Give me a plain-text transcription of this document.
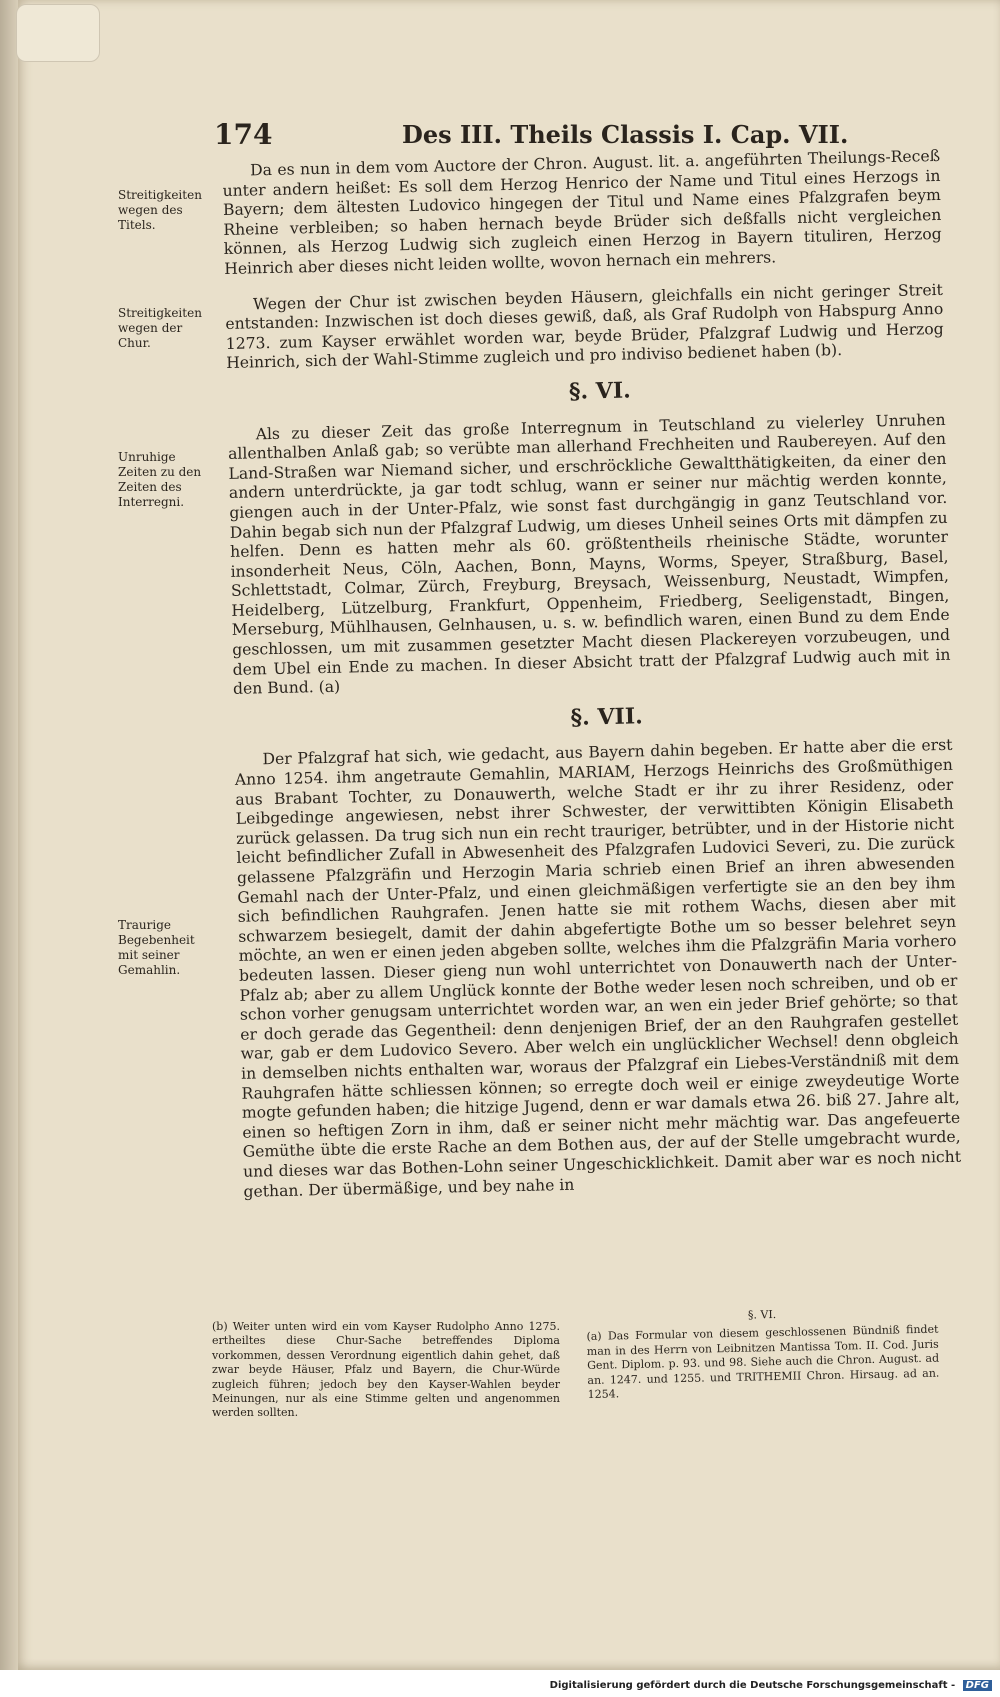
174	Des III. Theils Classis I. Cap. VII.
Streitigkeiten wegen des Titels.
Streitigkeiten wegen der Chur.
Unruhige Zeiten zu den Zeiten des Interregni.
Traurige Begebenheit mit seiner Gemahlin.

Da es nun in dem vom Auctore der Chron. August. lit. a. angeführten Theilungs-Receß unter andern heißet: Es soll dem Herzog Henrico der Name und Titul eines Herzogs in Bayern; dem ältesten Ludovico hingegen der Titul und Name eines Pfalzgrafen beym Rheine verbleiben; so haben hernach beyde Brüder sich deßfalls nicht vergleichen können, als Herzog Ludwig sich zugleich einen Herzog in Bayern tituliren, Herzog Heinrich aber dieses nicht leiden wollte, wovon hernach ein mehrers.

Wegen der Chur ist zwischen beyden Häusern, gleichfalls ein nicht geringer Streit entstanden: Inzwischen ist doch dieses gewiß, daß, als Graf Rudolph von Habspurg Anno 1273. zum Kayser erwählet worden war, beyde Brüder, Pfalzgraf Ludwig und Herzog Heinrich, sich der Wahl-Stimme zugleich und pro indiviso bedienet haben (b).

§. VI.

Als zu dieser Zeit das große Interregnum in Teutschland zu vielerley Unruhen allenthalben Anlaß gab; so verübte man allerhand Frechheiten und Raubereyen. Auf den Land-Straßen war Niemand sicher, und erschröckliche Gewaltthätigkeiten, da einer den andern unterdrückte, ja gar todt schlug, wann er seiner nur mächtig werden konnte, giengen auch in der Unter-Pfalz, wie sonst fast durchgängig in ganz Teutschland vor. Dahin begab sich nun der Pfalzgraf Ludwig, um dieses Unheil seines Orts mit dämpfen zu helfen. Denn es hatten mehr als 60. größtentheils rheinische Städte, worunter insonderheit Neus, Cöln, Aachen, Bonn, Mayns, Worms, Speyer, Straßburg, Basel, Schlettstadt, Colmar, Zürch, Freyburg, Breysach, Weissenburg, Neustadt, Wimpfen, Heidelberg, Lützelburg, Frankfurt, Oppenheim, Friedberg, Seeligenstadt, Bingen, Merseburg, Mühlhausen, Gelnhausen, u. s. w. befindlich waren, einen Bund zu dem Ende geschlossen, um mit zusammen gesetzter Macht diesen Plackereyen vorzubeugen, und dem Ubel ein Ende zu machen. In dieser Absicht tratt der Pfalzgraf Ludwig auch mit in den Bund. (a)

§. VII.

Der Pfalzgraf hat sich, wie gedacht, aus Bayern dahin begeben. Er hatte aber die erst Anno 1254. ihm angetraute Gemahlin, MARIAM, Herzogs Heinrichs des Großmüthigen aus Brabant Tochter, zu Donauwerth, welche Stadt er ihr zu ihrer Residenz, oder Leibgedinge angewiesen, nebst ihrer Schwester, der verwittibten Königin Elisabeth zurück gelassen. Da trug sich nun ein recht trauriger, betrübter, und in der Historie nicht leicht befindlicher Zufall in Abwesenheit des Pfalzgrafen Ludovici Severi, zu. Die zurück gelassene Pfalzgräfin und Herzogin Maria schrieb einen Brief an ihren abwesenden Gemahl nach der Unter-Pfalz, und einen gleichmäßigen verfertigte sie an den bey ihm sich befindlichen Rauhgrafen. Jenen hatte sie mit rothem Wachs, diesen aber mit schwarzem besiegelt, damit der dahin abgefertigte Bothe um so besser belehret seyn möchte, an wen er einen jeden abgeben sollte, welches ihm die Pfalzgräfin Maria vorhero bedeuten lassen. Dieser gieng nun wohl unterrichtet von Donauwerth nach der Unter-Pfalz ab; aber zu allem Unglück konnte der Bothe weder lesen noch schreiben, und ob er schon vorher genugsam unterrichtet worden war, an wen ein jeder Brief gehörte; so that er doch gerade das Gegentheil: denn denjenigen Brief, der an den Rauhgrafen gestellet war, gab er dem Ludovico Severo. Aber welch ein unglücklicher Wechsel! denn obgleich in demselben nichts enthalten war, woraus der Pfalzgraf ein Liebes-Verständniß mit dem Rauhgrafen hätte schliessen können; so erregte doch weil er einige zweydeutige Worte mogte gefunden haben; die hitzige Jugend, denn er war damals etwa 26. biß 27. Jahre alt, einen so heftigen Zorn in ihm, daß er seiner nicht mehr mächtig war. Das angefeuerte Gemüthe übte die erste Rache an dem Bothen aus, der auf der Stelle umgebracht wurde, und dieses war das Bothen-Lohn seiner Ungeschicklichkeit. Damit aber war es noch nicht gethan. Der übermäßige, und bey nahe in

(b) Weiter unten wird ein vom Kayser Rudolpho Anno 1275. ertheiltes diese Chur-Sache betreffendes Diploma vorkommen, dessen Verordnung eigentlich dahin gehet, daß zwar beyde Häuser, Pfalz und Bayern, die Chur-Würde zugleich führen; jedoch bey den Kayser-Wahlen beyder Meinungen, nur als eine Stimme gelten und angenommen werden sollten.
§. VI.
(a) Das Formular von diesem geschlossenen Bündniß findet man in des Herrn von Leibnitzen Mantissa Tom. II. Cod. Juris Gent. Diplom. p. 93. und 98. Siehe auch die Chron. August. ad an. 1247. und 1255. und TRITHEMII Chron. Hirsaug. ad an. 1254.
Digitalisierung gefördert durch die Deutsche Forschungsgemeinschaft - DFG
